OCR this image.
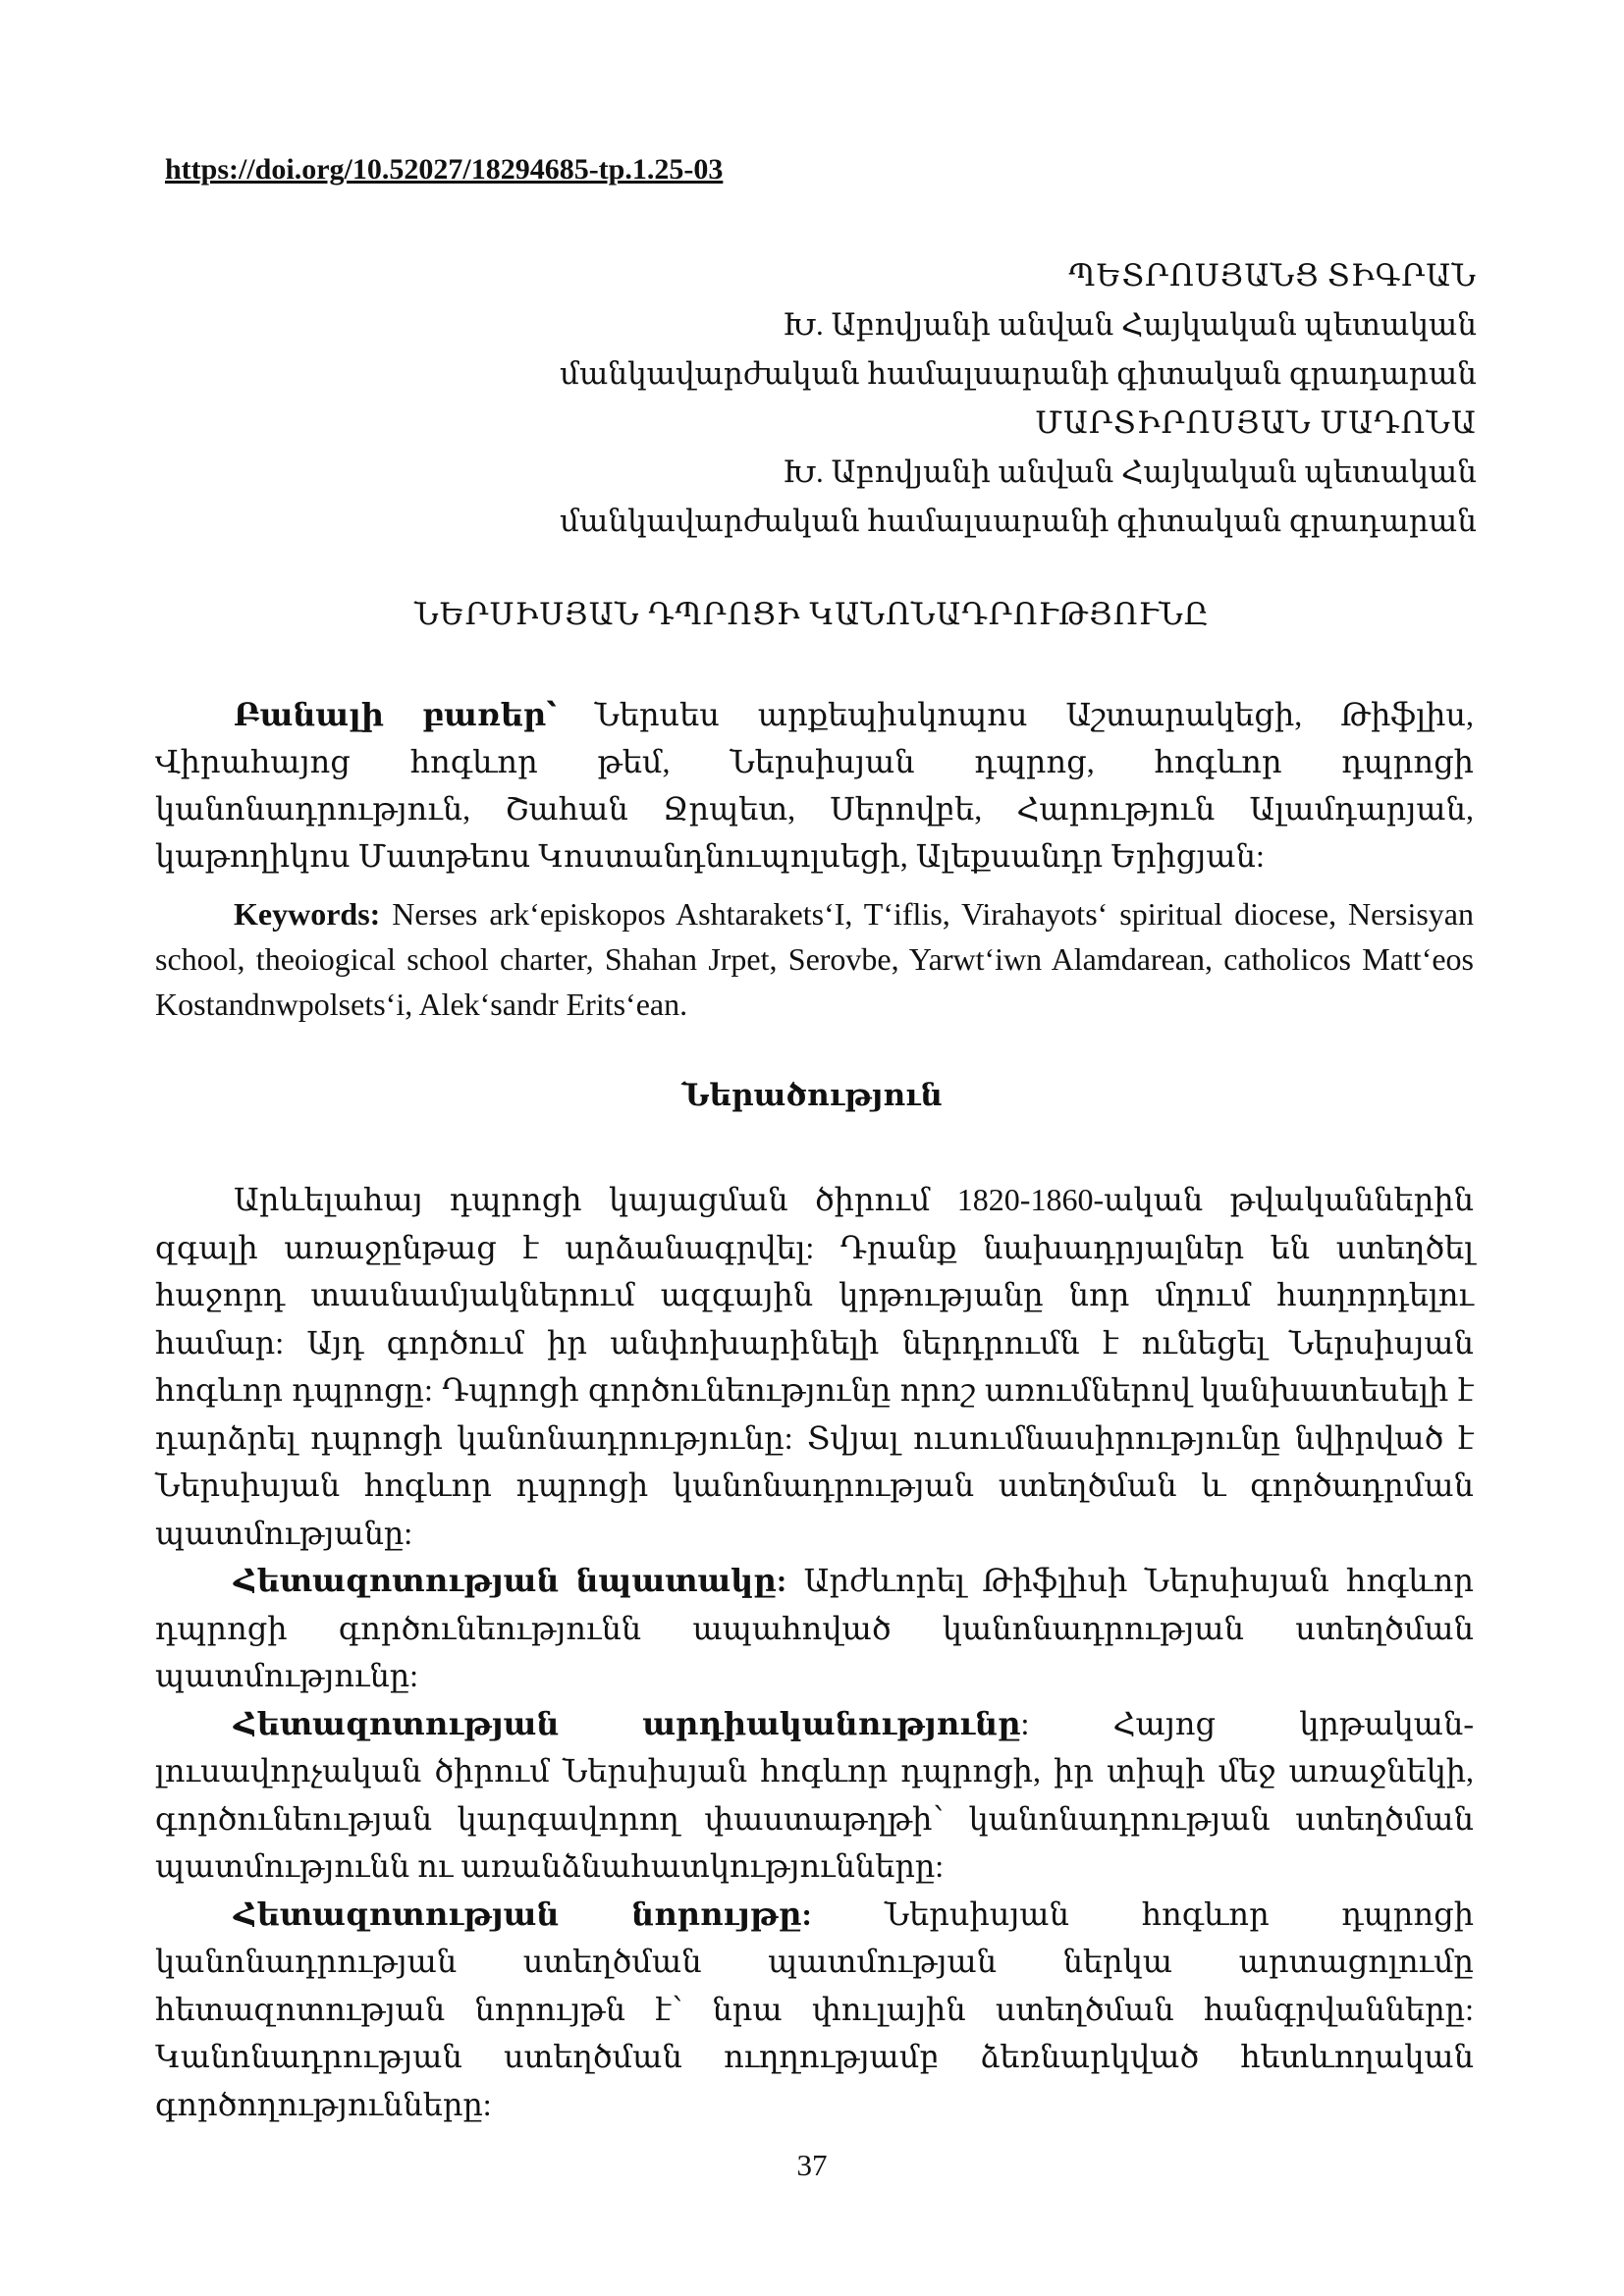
https://doi.org/10.52027/18294685-tp.1.25-03
ՊԵՏՐՈՍՅԱՆՑ ՏԻԳՐԱՆ
Խ. Աբովյանի անվան Հայկական պետական
մանկավարժական համալսարանի գիտական գրադարան
ՄԱՐՏԻՐՈՍՅԱՆ ՄԱԴՈՆԱ
Խ. Աբովյանի անվան Հայկական պետական
մանկավարժական համալսարանի գիտական գրադարան
ՆԵՐՍԻՍՅԱՆ ԴՊՐՈՑԻ ԿԱՆՈՆԱԴՐՈՒԹՅՈՒՆԸ

Բանալի բառեր՝ Ներսես արքեպիսկոպոս Աշտարակեցի, Թիֆլիս, Վիրահայոց հոգևոր թեմ, Ներսիսյան դպրոց, հոգևոր դպրոցի կանոնադրություն, Շահան Ջրպետ, Սերովբե, Հարություն Ալամդարյան, կաթողիկոս Մատթեոս Կոստանդնուպոլսեցի, Ալեքսանդր Երիցյան:

Keywords: Nerses ark‘episkopos Ashtarakets‘I, T‘iflis, Virahayots‘ spiritual diocese, Nersisyan school, theoiogical school charter, Shahan Jrpet, Serovbe, Yarwt‘iwn Alamdarean, catholicos Matt‘eos Kostandnwpolsets‘i, Alek‘sandr Erits‘ean.

Ներածություն

Արևելահայ դպրոցի կայացման ծիրում 1820-1860-ական թվականներին զգալի առաջընթաց է արձանագրվել: Դրանք նախադրյալներ են ստեղծել հաջորդ տասնամյակներում ազգային կրթությանը նոր մղում հաղորդելու համար: Այդ գործում իր անփոխարինելի ներդրումն է ունեցել Ներսիսյան հոգևոր դպրոցը: Դպրոցի գործունեությունը որոշ առումներով կանխատեսելի է դարձրել դպրոցի կանոնադրությունը: Տվյալ ուսումնասիրությունը նվիրված է Ներսիսյան հոգևոր դպրոցի կանոնադրության ստեղծման և գործադրման պատմությանը:

Հետազոտության նպատակը: Արժևորել Թիֆլիսի Ներսիսյան հոգևոր դպրոցի գործունեությունն ապահոված կանոնադրության ստեղծման պատմությունը:

Հետազոտության արդիականությունը: Հայոց կրթական-լուսավորչական ծիրում Ներսիսյան հոգևոր դպրոցի, իր տիպի մեջ առաջնեկի, գործունեության կարգավորող փաստաթղթի՝ կանոնադրության ստեղծման պատմությունն ու առանձնահատկությունները:

Հետազոտության նորույթը: Ներսիսյան հոգևոր դպրոցի կանոնադրության ստեղծման պատմության ներկա արտացոլումը հետազոտության նորույթն է՝ նրա փուլային ստեղծման հանգրվանները: Կանոնադրության ստեղծման ուղղությամբ ձեռնարկված հետևողական գործողությունները:

37
